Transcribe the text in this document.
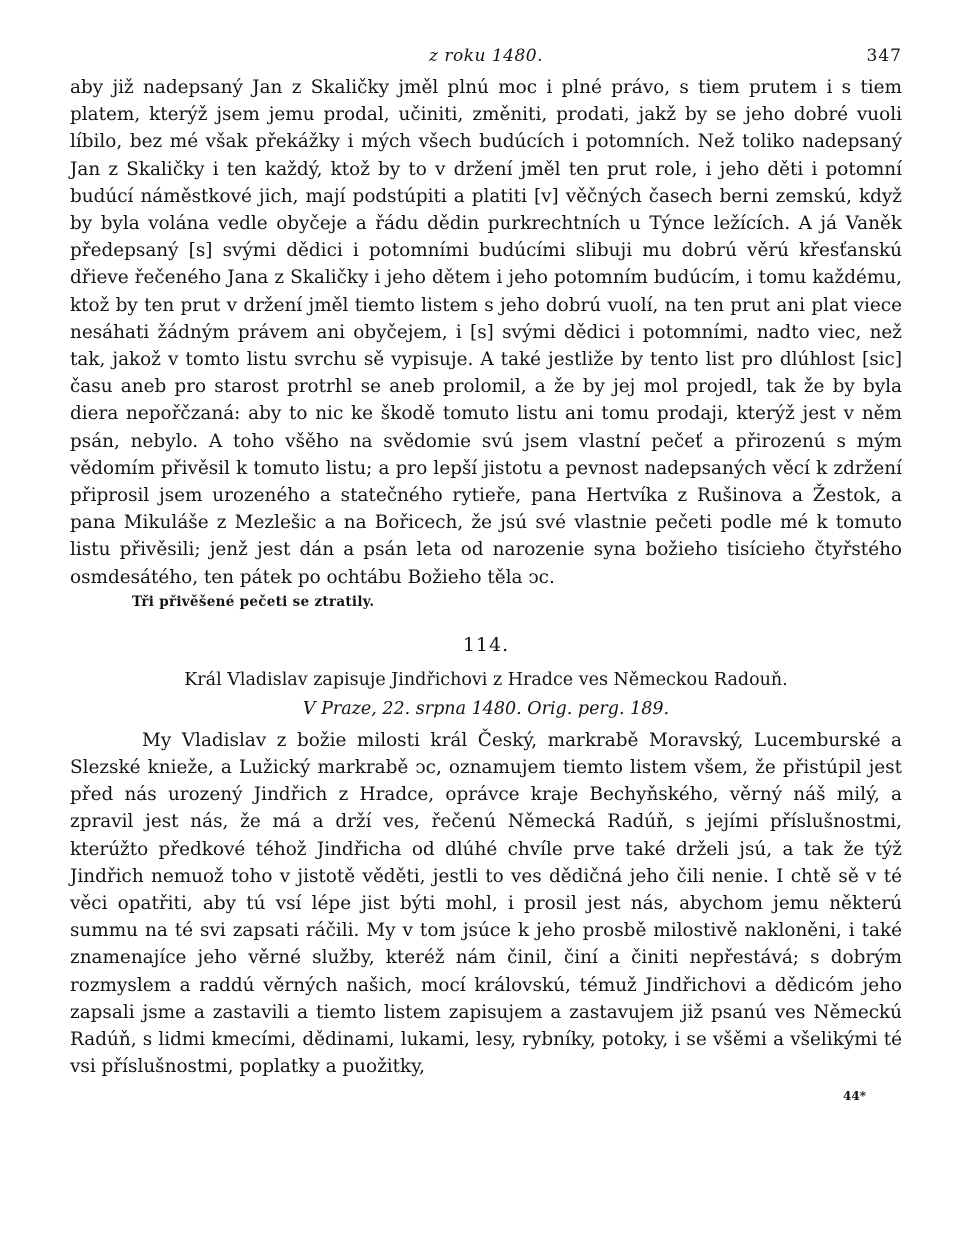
z roku 1480.	347

aby již nadepsaný Jan z Skaličky jměl plnú moc i plné právo, s tiem prutem i s tiem platem, kterýž jsem jemu prodal, učiniti, změniti, prodati, jakž by se jeho dobré vuoli líbilo, bez mé však překážky i mých všech budúcích i potomních. Než toliko nadepsaný Jan z Skaličky i ten každý, ktož by to v držení jměl ten prut role, i jeho děti i potomní budúcí náměstkové jich, mají podstúpiti a platiti [v] věčných časech berni zemskú, když by byla volána vedle obyčeje a řádu dědin purkrechtních u Týnce ležících. A já Vaněk předepsaný [s] svými dědici i potomními budúcími slibuji mu dobrú věrú křesťanskú dřieve řečeného Jana z Skaličky i jeho dětem i jeho potomním budúcím, i tomu každému, ktož by ten prut v držení jměl tiemto listem s jeho dobrú vuolí, na ten prut ani plat viece nesáhati žádným právem ani obyčejem, i [s] svými dědici i potomními, nadto viec, než tak, jakož v tomto listu svrchu sě vypisuje. A také jestliže by tento list pro dlúhlost [sic] času aneb pro starost protrhl se aneb prolomil, a že by jej mol projedl, tak že by byla diera nepořčzaná: aby to nic ke škodě tomuto listu ani tomu prodaji, kterýž jest v něm psán, nebylo. A toho všěho na svědomie svú jsem vlastní pečeť a přirozenú s mým vědomím přivěsil k tomuto listu; a pro lepší jistotu a pevnost nadepsaných věcí k zdržení připrosil jsem urozeného a statečného rytieře, pana Hertvíka z Rušinova a Žestok, a pana Mikuláše z Mezlešic a na Bořicech, že jsú své vlastnie pečeti podle mé k tomuto listu přivěsili; jenž jest dán a psán leta od narozenie syna božieho tisícieho čtyřstého osmdesátého, ten pátek po ochtábu Božieho těla ↄc.

Tři přivěšené pečeti se ztratily.
114.
Král Vladislav zapisuje Jindřichovi z Hradce ves Německou Radouň.
V Praze, 22. srpna 1480. Orig. perg. 189.

My Vladislav z božie milosti král Český, markrabě Moravský, Lucemburské a Slezské knieže, a Lužický markrabě ↄc, oznamujem tiemto listem všem, že přistúpil jest před nás urozený Jindřich z Hradce, oprávce kraje Bechyňského, věrný náš milý, a zpravil jest nás, že má a drží ves, řečenú Německá Radúň, s jejími příslušnostmi, kterúžto předkové téhož Jindřicha od dlúhé chvíle prve také drželi jsú, a tak že týž Jindřich nemuož toho v jistotě věděti, jestli to ves dědičná jeho čili nenie. I chtě sě v té věci opatřiti, aby tú vsí lépe jist býti mohl, i prosil jest nás, abychom jemu některú summu na té svi zapsati ráčili. My v tom jsúce k jeho prosbě milostivě nakloněni, i také znamenajíce jeho věrné služby, kteréž nám činil, činí a činiti nepřestává; s dobrým rozmyslem a raddú věrných našich, mocí královskú, témuž Jindřichovi a dědicóm jeho zapsali jsme a zastavili a tiemto listem zapisujem a zastavujem již psanú ves Německú Radúň, s lidmi kmecími, dědinami, lukami, lesy, rybníky, potoky, i se všěmi a všelikými té vsi příslušnostmi, poplatky a puožitky,

44*
